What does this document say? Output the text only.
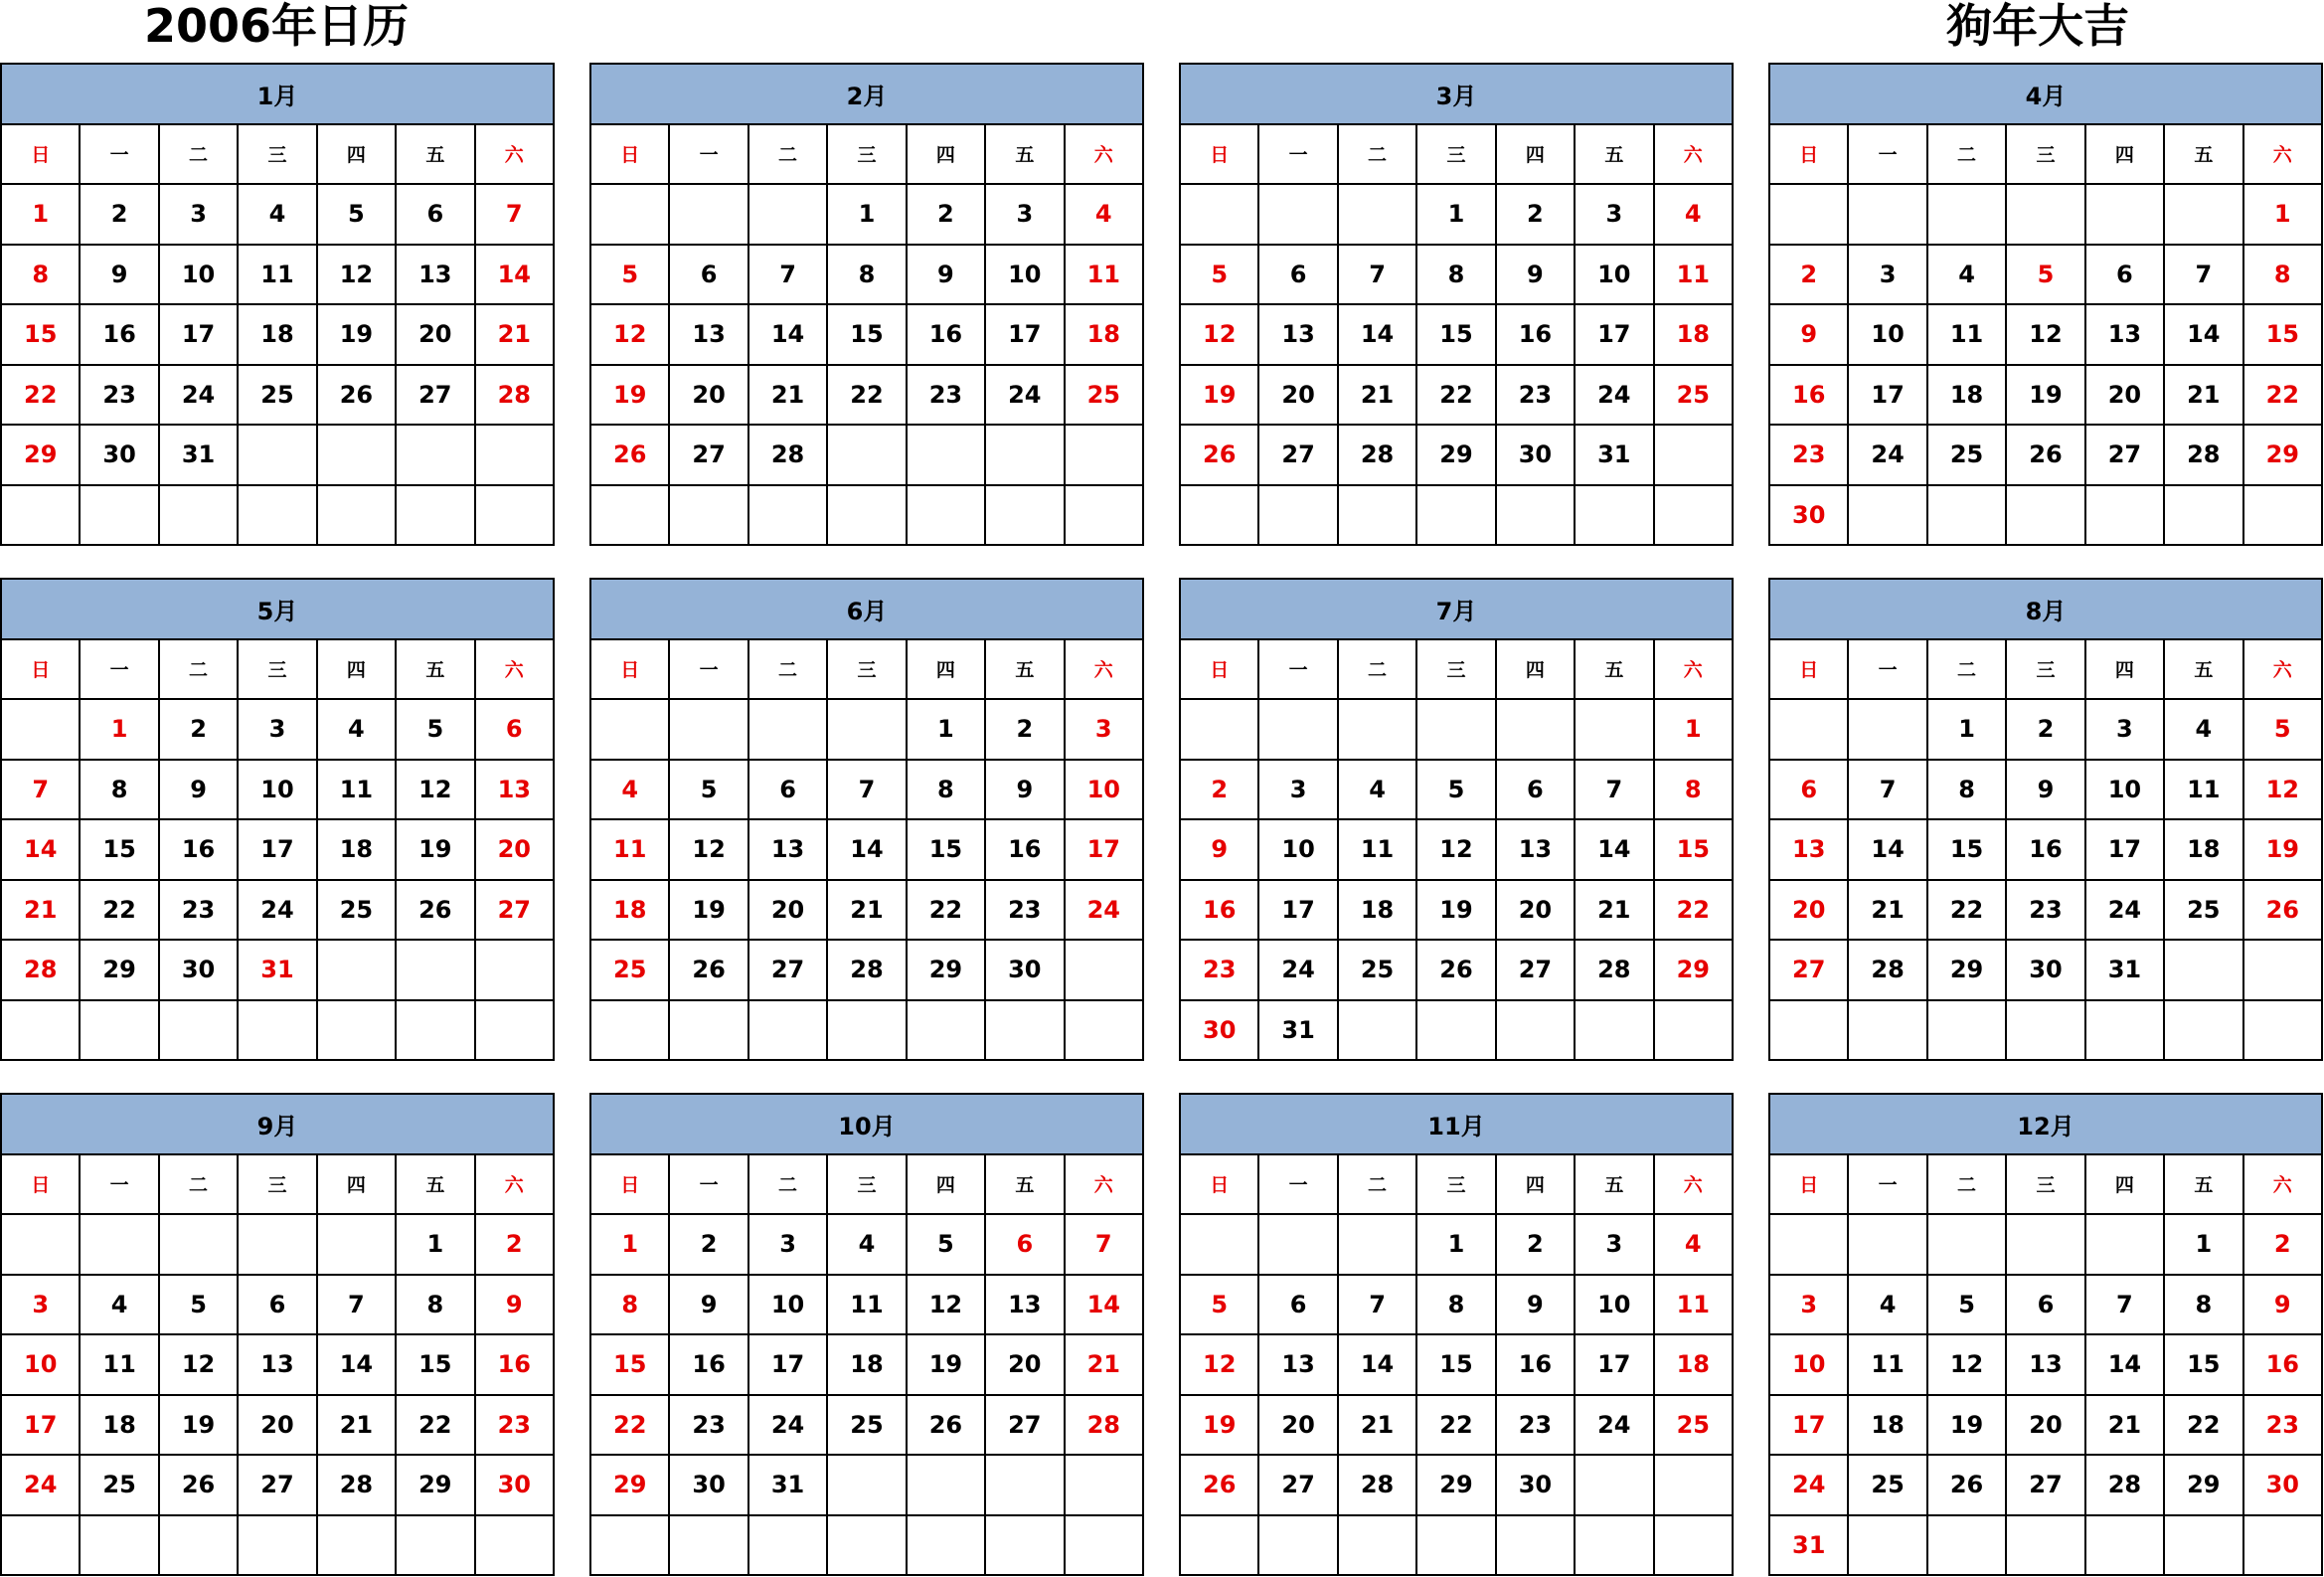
2006年日历	狗年大吉
1月						
日	一	二	三	四	五	六
1	2	3	4	5	6	7
8	9	10	11	12	13	14
15	16	17	18	19	20	21
22	23	24	25	26	27	28
29	30	31				

2月						
日	一	二	三	四	五	六
			1	2	3	4
5	6	7	8	9	10	11
12	13	14	15	16	17	18
19	20	21	22	23	24	25
26	27	28				

3月						
日	一	二	三	四	五	六
			1	2	3	4
5	6	7	8	9	10	11
12	13	14	15	16	17	18
19	20	21	22	23	24	25
26	27	28	29	30	31	

4月						
日	一	二	三	四	五	六
						1
2	3	4	5	6	7	8
9	10	11	12	13	14	15
16	17	18	19	20	21	22
23	24	25	26	27	28	29
30						
5月						
日	一	二	三	四	五	六
	1	2	3	4	5	6
7	8	9	10	11	12	13
14	15	16	17	18	19	20
21	22	23	24	25	26	27
28	29	30	31			

6月						
日	一	二	三	四	五	六
				1	2	3
4	5	6	7	8	9	10
11	12	13	14	15	16	17
18	19	20	21	22	23	24
25	26	27	28	29	30	

7月						
日	一	二	三	四	五	六
						1
2	3	4	5	6	7	8
9	10	11	12	13	14	15
16	17	18	19	20	21	22
23	24	25	26	27	28	29
30	31					
8月						
日	一	二	三	四	五	六
		1	2	3	4	5
6	7	8	9	10	11	12
13	14	15	16	17	18	19
20	21	22	23	24	25	26
27	28	29	30	31		

9月						
日	一	二	三	四	五	六
					1	2
3	4	5	6	7	8	9
10	11	12	13	14	15	16
17	18	19	20	21	22	23
24	25	26	27	28	29	30

10月						
日	一	二	三	四	五	六
1	2	3	4	5	6	7
8	9	10	11	12	13	14
15	16	17	18	19	20	21
22	23	24	25	26	27	28
29	30	31				

11月						
日	一	二	三	四	五	六
			1	2	3	4
5	6	7	8	9	10	11
12	13	14	15	16	17	18
19	20	21	22	23	24	25
26	27	28	29	30		

12月						
日	一	二	三	四	五	六
					1	2
3	4	5	6	7	8	9
10	11	12	13	14	15	16
17	18	19	20	21	22	23
24	25	26	27	28	29	30
31						
